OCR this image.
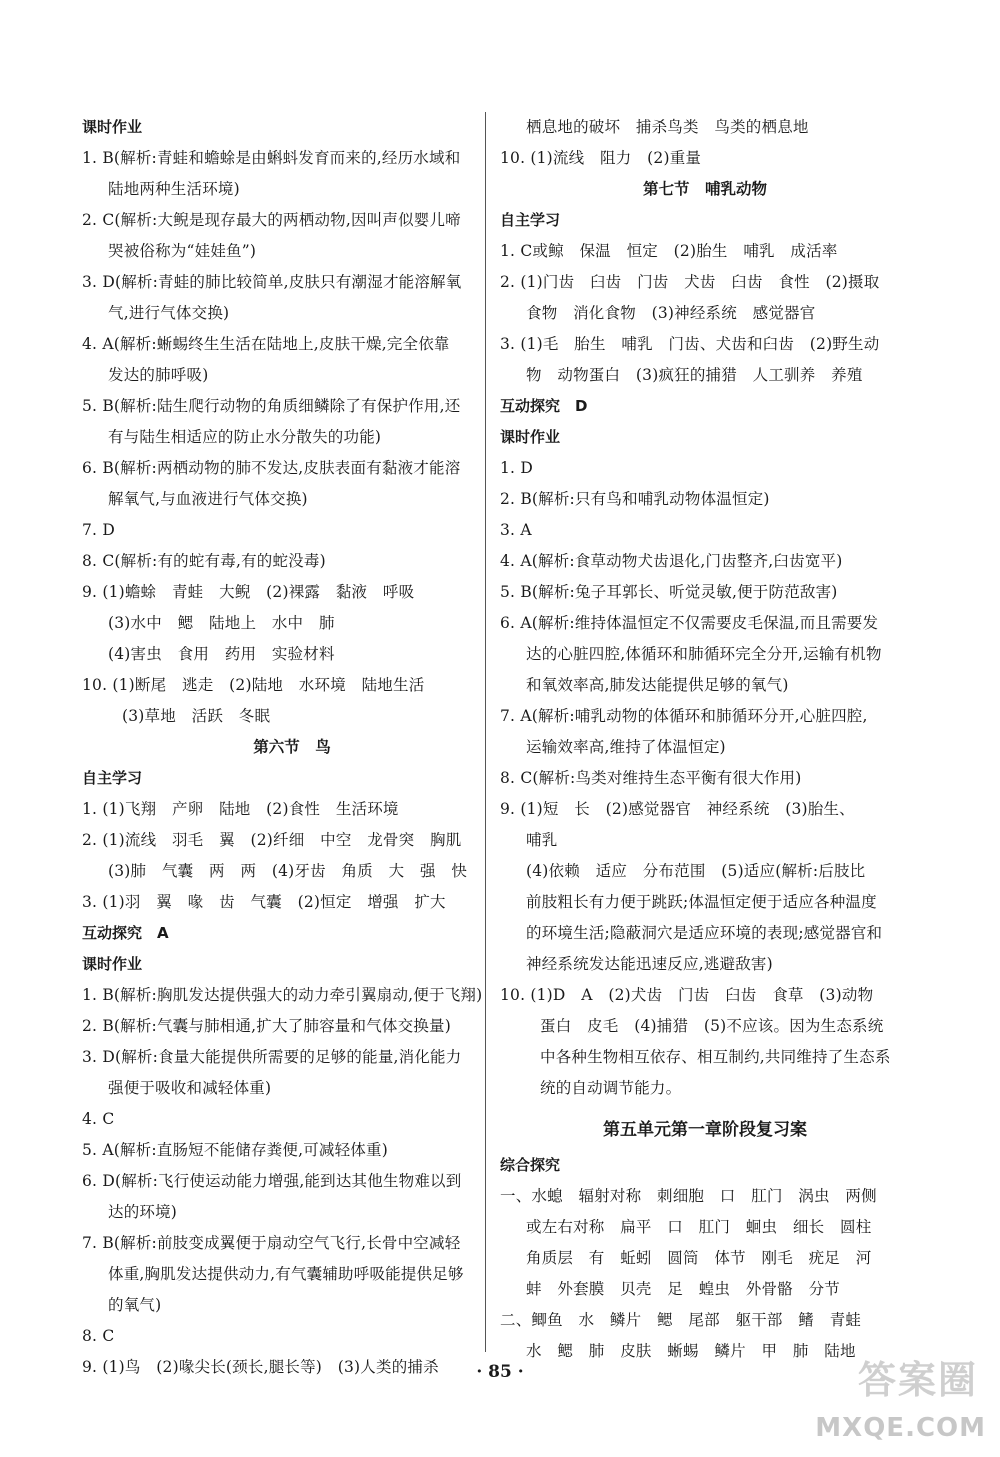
课时作业
1. B(解析:青蛙和蟾蜍是由蝌蚪发育而来的,经历水域和
陆地两种生活环境)
2. C(解析:大鲵是现存最大的两栖动物,因叫声似婴儿啼
哭被俗称为“娃娃鱼”)
3. D(解析:青蛙的肺比较简单,皮肤只有潮湿才能溶解氧
气,进行气体交换)
4. A(解析:蜥蜴终生生活在陆地上,皮肤干燥,完全依靠
发达的肺呼吸)
5. B(解析:陆生爬行动物的角质细鳞除了有保护作用,还
有与陆生相适应的防止水分散失的功能)
6. B(解析:两栖动物的肺不发达,皮肤表面有黏液才能溶
解氧气,与血液进行气体交换)
7. D
8. C(解析:有的蛇有毒,有的蛇没毒)
9. (1)蟾蜍　青蛙　大鲵　(2)裸露　黏液　呼吸
(3)水中　鳃　陆地上　水中　肺
(4)害虫　食用　药用　实验材料
10. (1)断尾　逃走　(2)陆地　水环境　陆地生活
(3)草地　活跃　冬眠
第六节　鸟
自主学习
1. (1)飞翔　产卵　陆地　(2)食性　生活环境
2. (1)流线　羽毛　翼　(2)纤细　中空　龙骨突　胸肌
(3)肺　气囊　两　两　(4)牙齿　角质　大　强　快
3. (1)羽　翼　喙　齿　气囊　(2)恒定　增强　扩大
互动探究　A
课时作业
1. B(解析:胸肌发达提供强大的动力牵引翼扇动,便于飞翔)
2. B(解析:气囊与肺相通,扩大了肺容量和气体交换量)
3. D(解析:食量大能提供所需要的足够的能量,消化能力
强便于吸收和减轻体重)
4. C
5. A(解析:直肠短不能储存粪便,可减轻体重)
6. D(解析:飞行使运动能力增强,能到达其他生物难以到
达的环境)
7. B(解析:前肢变成翼便于扇动空气飞行,长骨中空减轻
体重,胸肌发达提供动力,有气囊辅助呼吸能提供足够
的氧气)
8. C
9. (1)鸟　(2)喙尖长(颈长,腿长等)　(3)人类的捕杀
栖息地的破坏　捕杀鸟类　鸟类的栖息地
10. (1)流线　阻力　(2)重量
第七节　哺乳动物
自主学习
1. C或鲸　保温　恒定　(2)胎生　哺乳　成活率
2. (1)门齿　臼齿　门齿　犬齿　臼齿　食性　(2)摄取
食物　消化食物　(3)神经系统　感觉器官
3. (1)毛　胎生　哺乳　门齿、犬齿和臼齿　(2)野生动
物　动物蛋白　(3)疯狂的捕猎　人工驯养　养殖
互动探究　D
课时作业
1. D
2. B(解析:只有鸟和哺乳动物体温恒定)
3. A
4. A(解析:食草动物犬齿退化,门齿整齐,臼齿宽平)
5. B(解析:兔子耳郭长、听觉灵敏,便于防范敌害)
6. A(解析:维持体温恒定不仅需要皮毛保温,而且需要发
达的心脏四腔,体循环和肺循环完全分开,运输有机物
和氧效率高,肺发达能提供足够的氧气)
7. A(解析:哺乳动物的体循环和肺循环分开,心脏四腔,
运输效率高,维持了体温恒定)
8. C(解析:鸟类对维持生态平衡有很大作用)
9. (1)短　长　(2)感觉器官　神经系统　(3)胎生、
哺乳
(4)依赖　适应　分布范围　(5)适应(解析:后肢比
前肢粗长有力便于跳跃;体温恒定便于适应各种温度
的环境生活;隐蔽洞穴是适应环境的表现;感觉器官和
神经系统发达能迅速反应,逃避敌害)
10. (1)D　A　(2)犬齿　门齿　臼齿　食草　(3)动物
蛋白　皮毛　(4)捕猎　(5)不应该。因为生态系统
中各种生物相互依存、相互制约,共同维持了生态系
统的自动调节能力。
第五单元第一章阶段复习案
综合探究
一、水螅　辐射对称　刺细胞　口　肛门　涡虫　两侧
或左右对称　扁平　口　肛门　蛔虫　细长　圆柱
角质层　有　蚯蚓　圆筒　体节　刚毛　疣足　河
蚌　外套膜　贝壳　足　蝗虫　外骨骼　分节
二、鲫鱼　水　鳞片　鳃　尾部　躯干部　鳍　青蛙
水　鳃　肺　皮肤　蜥蜴　鳞片　甲　肺　陆地
· 85 ·	答案圈
MXQE.COM
